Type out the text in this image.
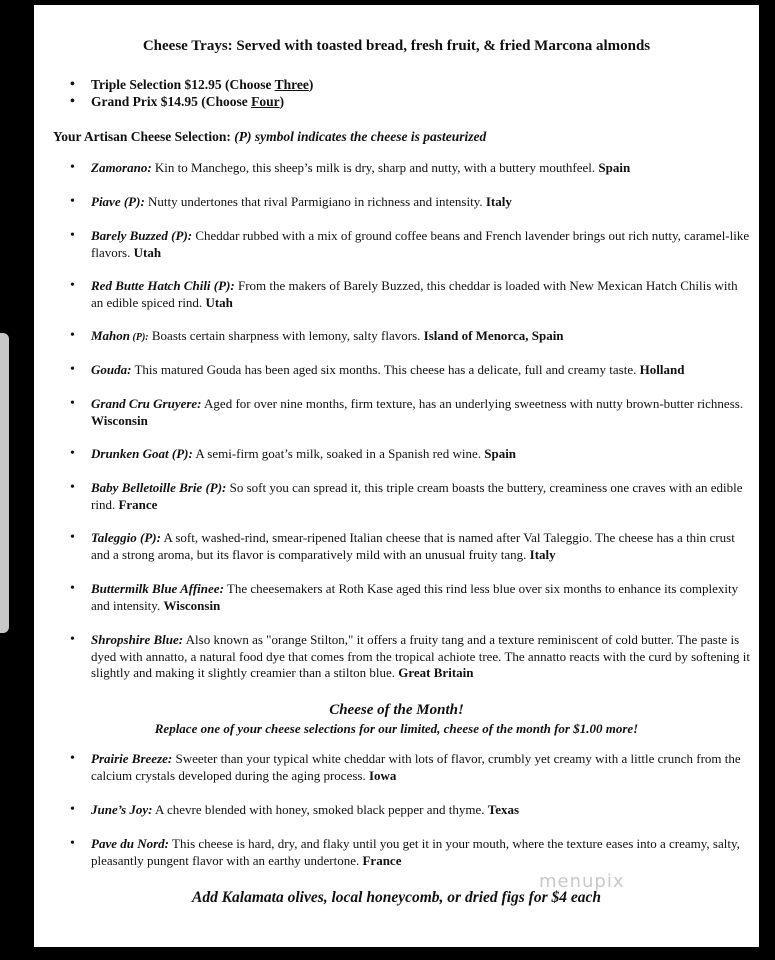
Cheese Trays: Served with toasted bread, fresh fruit, & fried Marcona almonds
• Triple Selection $12.95 (Choose Three)
• Grand Prix $14.95 (Choose Four)
Your Artisan Cheese Selection: (P) symbol indicates the cheese is pasteurized
• Zamorano: Kin to Manchego, this sheep’s milk is dry, sharp and nutty, with a buttery mouthfeel. Spain
• Piave (P): Nutty undertones that rival Parmigiano in richness and intensity. Italy
• Barely Buzzed (P): Cheddar rubbed with a mix of ground coffee beans and French lavender brings out rich nutty, caramel-like flavors. Utah
• Red Butte Hatch Chili (P): From the makers of Barely Buzzed, this cheddar is loaded with New Mexican Hatch Chilis with an edible spiced rind. Utah
• Mahon (P): Boasts certain sharpness with lemony, salty flavors. Island of Menorca, Spain
• Gouda: This matured Gouda has been aged six months. This cheese has a delicate, full and creamy taste. Holland
• Grand Cru Gruyere: Aged for over nine months, firm texture, has an underlying sweetness with nutty brown-butter richness. Wisconsin
• Drunken Goat (P): A semi-firm goat’s milk, soaked in a Spanish red wine. Spain
• Baby Belletoille Brie (P): So soft you can spread it, this triple cream boasts the buttery, creaminess one craves with an edible rind. France
• Taleggio (P): A soft, washed-rind, smear-ripened Italian cheese that is named after Val Taleggio. The cheese has a thin crust and a strong aroma, but its flavor is comparatively mild with an unusual fruity tang. Italy
• Buttermilk Blue Affinee: The cheesemakers at Roth Kase aged this rind less blue over six months to enhance its complexity and intensity. Wisconsin
• Shropshire Blue: Also known as "orange Stilton," it offers a fruity tang and a texture reminiscent of cold butter. The paste is dyed with annatto, a natural food dye that comes from the tropical achiote tree. The annatto reacts with the curd by softening it slightly and making it slightly creamier than a stilton blue. Great Britain
Cheese of the Month!
Replace one of your cheese selections for our limited, cheese of the month for $1.00 more!
• Prairie Breeze: Sweeter than your typical white cheddar with lots of flavor, crumbly yet creamy with a little crunch from the calcium crystals developed during the aging process. Iowa
• June’s Joy: A chevre blended with honey, smoked black pepper and thyme. Texas
• Pave du Nord: This cheese is hard, dry, and flaky until you get it in your mouth, where the texture eases into a creamy, salty, pleasantly pungent flavor with an earthy undertone. France
menupix
Add Kalamata olives, local honeycomb, or dried figs for $4 each
